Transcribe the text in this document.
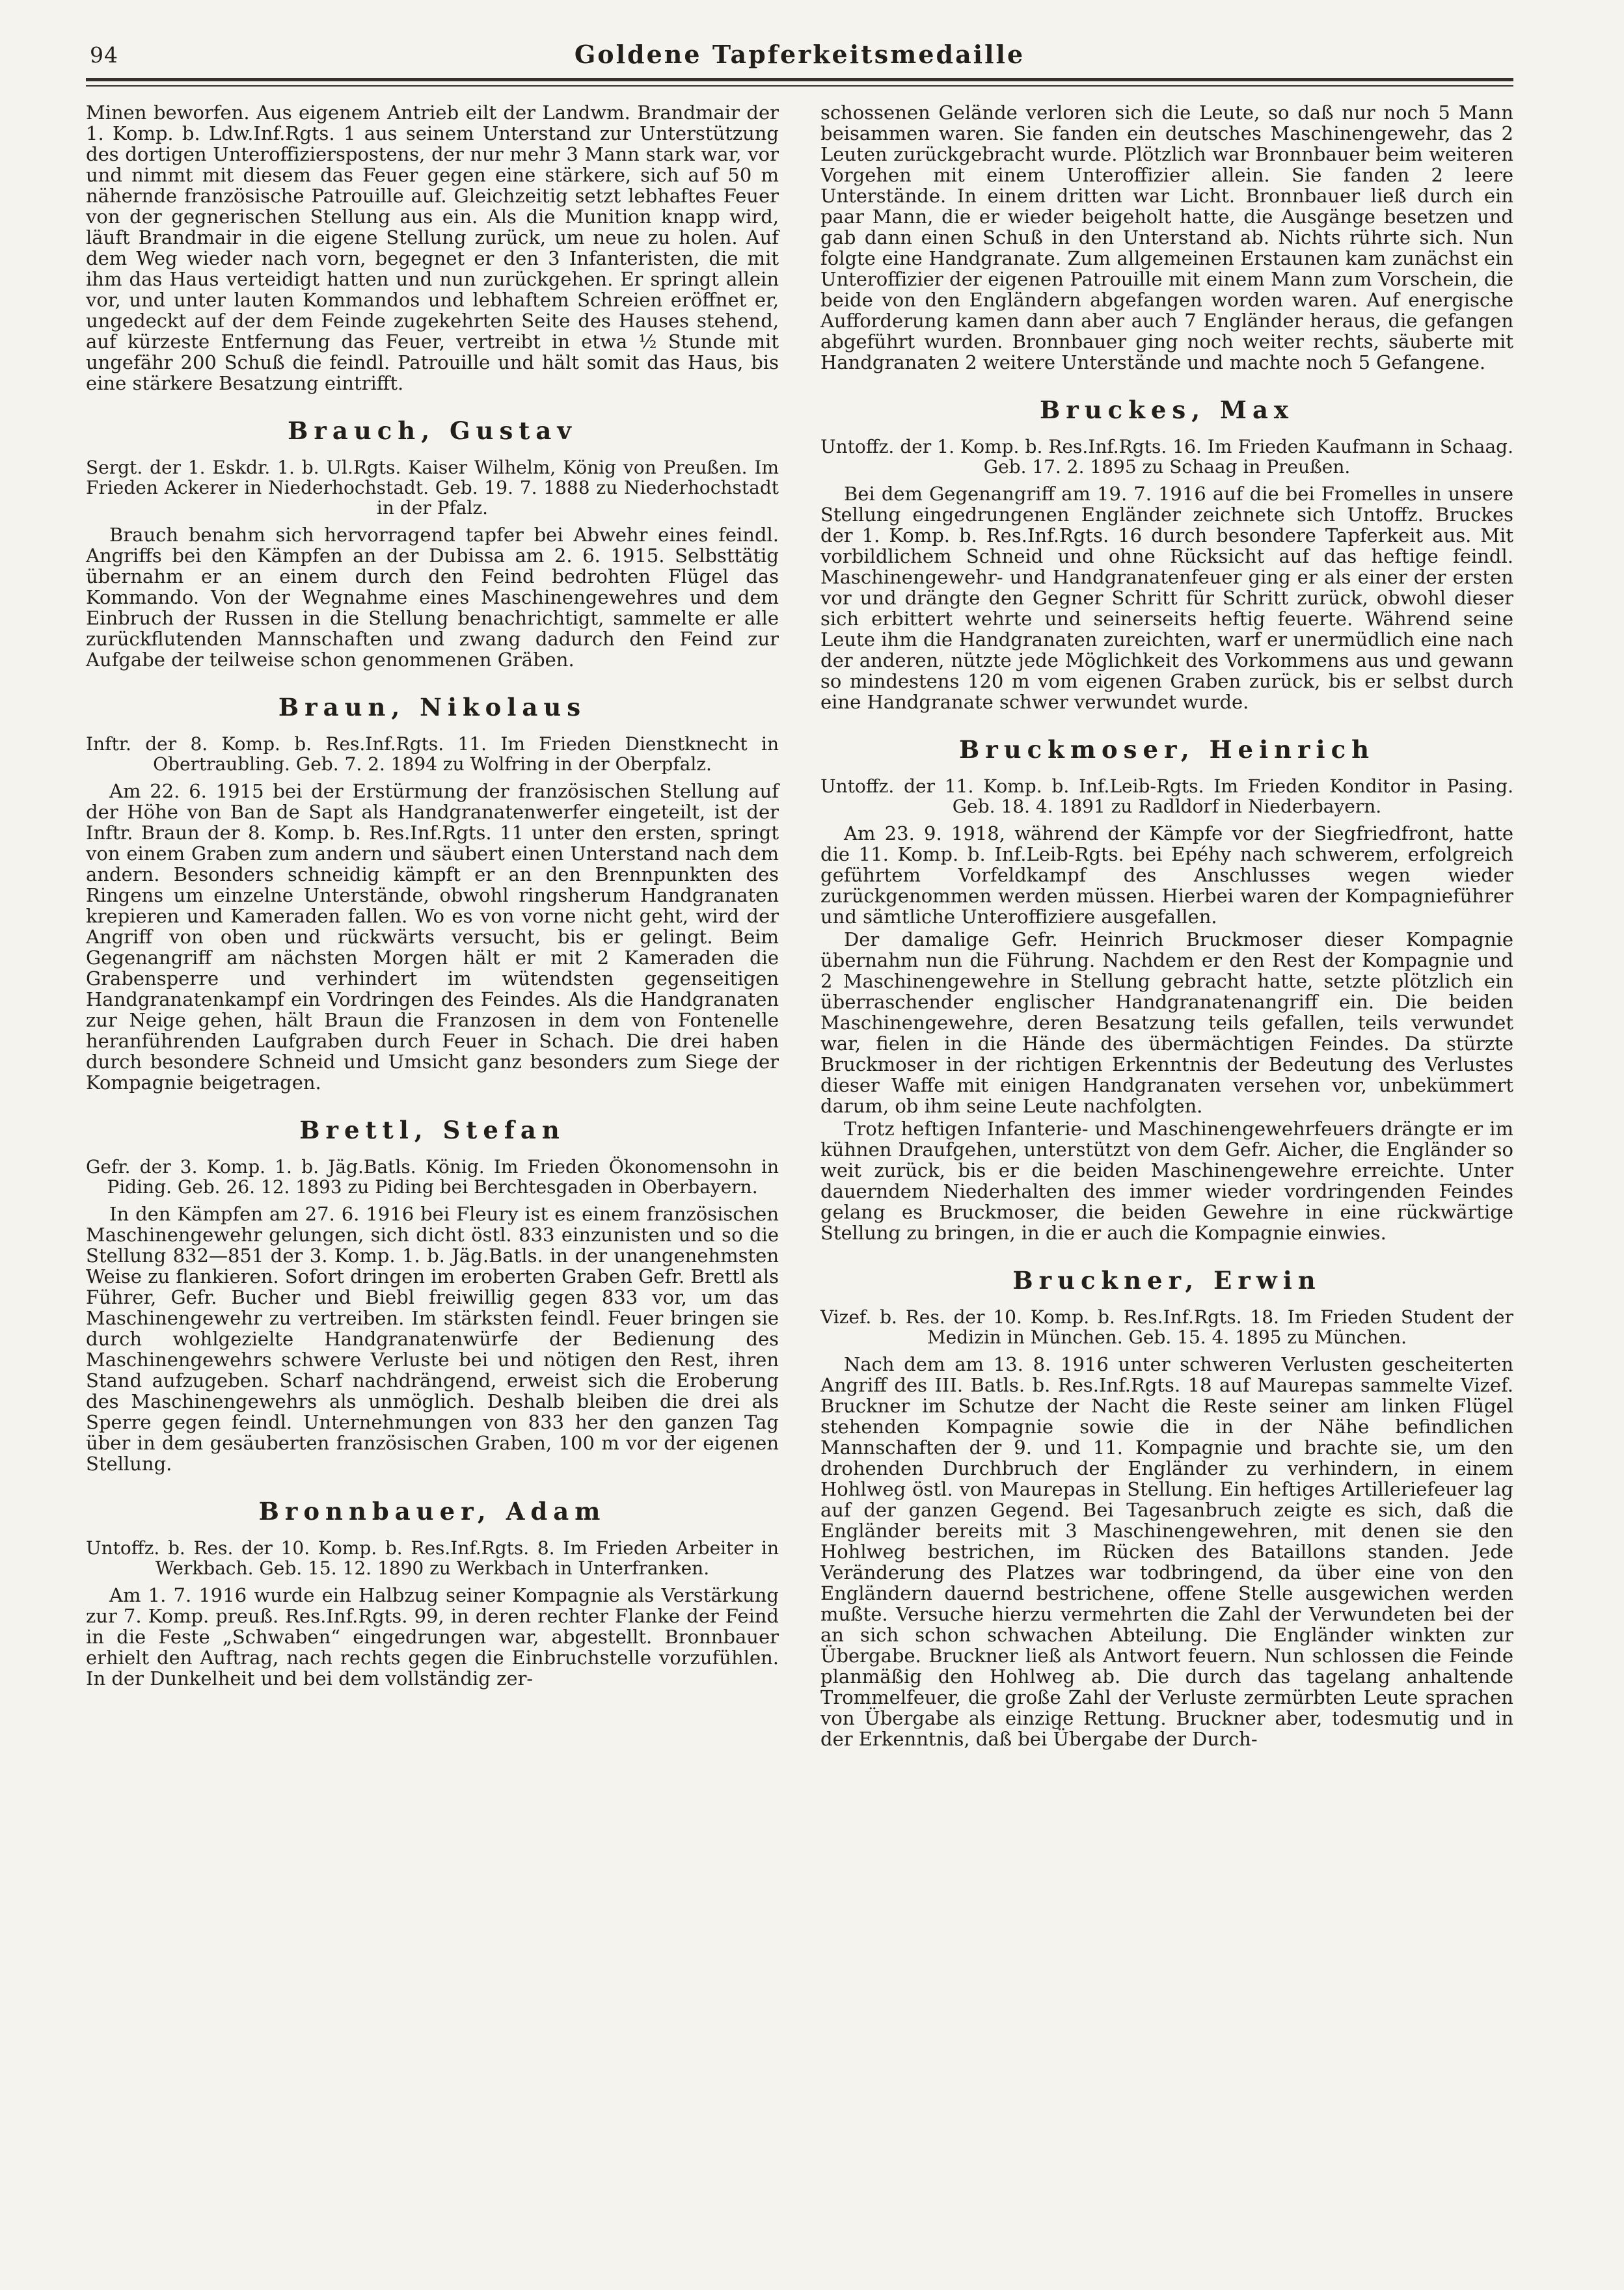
94	Goldene Tapferkeitsmedaille

Minen beworfen. Aus eigenem Antrieb eilt der Landwm. Brandmair der 1. Komp. b. Ldw.Inf.Rgts. 1 aus seinem Unterstand zur Unterstützung des dortigen Unteroffizierspostens, der nur mehr 3 Mann stark war, vor und nimmt mit diesem das Feuer gegen eine stärkere, sich auf 50 m nähernde französische Patrouille auf. Gleichzeitig setzt lebhaftes Feuer von der gegnerischen Stellung aus ein. Als die Munition knapp wird, läuft Brandmair in die eigene Stellung zurück, um neue zu holen. Auf dem Weg wieder nach vorn, begegnet er den 3 Infanteristen, die mit ihm das Haus verteidigt hatten und nun zurückgehen. Er springt allein vor, und unter lauten Kommandos und lebhaftem Schreien eröffnet er, ungedeckt auf der dem Feinde zugekehrten Seite des Hauses stehend, auf kürzeste Entfernung das Feuer, vertreibt in etwa ½ Stunde mit ungefähr 200 Schuß die feindl. Patrouille und hält somit das Haus, bis eine stärkere Besatzung eintrifft.

Brauch, Gustav

Sergt. der 1. Eskdr. 1. b. Ul.Rgts. Kaiser Wilhelm, König von Preußen. Im Frieden Ackerer in Niederhochstadt. Geb. 19. 7. 1888 zu Niederhochstadt in der Pfalz.

Brauch benahm sich hervorragend tapfer bei Abwehr eines feindl. Angriffs bei den Kämpfen an der Dubissa am 2. 6. 1915. Selbsttätig übernahm er an einem durch den Feind bedrohten Flügel das Kommando. Von der Wegnahme eines Maschinengewehres und dem Einbruch der Russen in die Stellung benachrichtigt, sammelte er alle zurückflutenden Mannschaften und zwang dadurch den Feind zur Aufgabe der teilweise schon genommenen Gräben.

Braun, Nikolaus

Inftr. der 8. Komp. b. Res.Inf.Rgts. 11. Im Frieden Dienstknecht in Obertraubling. Geb. 7. 2. 1894 zu Wolfring in der Oberpfalz.

Am 22. 6. 1915 bei der Erstürmung der französischen Stellung auf der Höhe von Ban de Sapt als Handgranatenwerfer eingeteilt, ist der Inftr. Braun der 8. Komp. b. Res.Inf.Rgts. 11 unter den ersten, springt von einem Graben zum andern und säubert einen Unterstand nach dem andern. Besonders schneidig kämpft er an den Brennpunkten des Ringens um einzelne Unterstände, obwohl ringsherum Handgranaten krepieren und Kameraden fallen. Wo es von vorne nicht geht, wird der Angriff von oben und rückwärts versucht, bis er gelingt. Beim Gegenangriff am nächsten Morgen hält er mit 2 Kameraden die Grabensperre und verhindert im wütendsten gegenseitigen Handgranatenkampf ein Vordringen des Feindes. Als die Handgranaten zur Neige gehen, hält Braun die Franzosen in dem von Fontenelle heranführenden Laufgraben durch Feuer in Schach. Die drei haben durch besondere Schneid und Umsicht ganz besonders zum Siege der Kompagnie beigetragen.

Brettl, Stefan

Gefr. der 3. Komp. 1. b. Jäg.Batls. König. Im Frieden Ökonomensohn in Piding. Geb. 26. 12. 1893 zu Piding bei Berchtesgaden in Oberbayern.

In den Kämpfen am 27. 6. 1916 bei Fleury ist es einem französischen Maschinengewehr gelungen, sich dicht östl. 833 einzunisten und so die Stellung 832—851 der 3. Komp. 1. b. Jäg.Batls. in der unangenehmsten Weise zu flankieren. Sofort dringen im eroberten Graben Gefr. Brettl als Führer, Gefr. Bucher und Biebl freiwillig gegen 833 vor, um das Maschinengewehr zu vertreiben. Im stärksten feindl. Feuer bringen sie durch wohlgezielte Handgranatenwürfe der Bedienung des Maschinengewehrs schwere Verluste bei und nötigen den Rest, ihren Stand aufzugeben. Scharf nachdrängend, erweist sich die Eroberung des Maschinengewehrs als unmöglich. Deshalb bleiben die drei als Sperre gegen feindl. Unternehmungen von 833 her den ganzen Tag über in dem gesäuberten französischen Graben, 100 m vor der eigenen Stellung.

Bronnbauer, Adam

Untoffz. b. Res. der 10. Komp. b. Res.Inf.Rgts. 8. Im Frieden Arbeiter in Werkbach. Geb. 15. 12. 1890 zu Werkbach in Unterfranken.

Am 1. 7. 1916 wurde ein Halbzug seiner Kompagnie als Verstärkung zur 7. Komp. preuß. Res.Inf.Rgts. 99, in deren rechter Flanke der Feind in die Feste „Schwaben“ eingedrungen war, abgestellt. Bronnbauer erhielt den Auftrag, nach rechts gegen die Einbruchstelle vorzufühlen. In der Dunkelheit und bei dem vollständig zer-

schossenen Gelände verloren sich die Leute, so daß nur noch 5 Mann beisammen waren. Sie fanden ein deutsches Maschinengewehr, das 2 Leuten zurückgebracht wurde. Plötzlich war Bronnbauer beim weiteren Vorgehen mit einem Unteroffizier allein. Sie fanden 2 leere Unterstände. In einem dritten war Licht. Bronnbauer ließ durch ein paar Mann, die er wieder beigeholt hatte, die Ausgänge besetzen und gab dann einen Schuß in den Unterstand ab. Nichts rührte sich. Nun folgte eine Handgranate. Zum allgemeinen Erstaunen kam zunächst ein Unteroffizier der eigenen Patrouille mit einem Mann zum Vorschein, die beide von den Engländern abgefangen worden waren. Auf energische Aufforderung kamen dann aber auch 7 Engländer heraus, die gefangen abgeführt wurden. Bronnbauer ging noch weiter rechts, säuberte mit Handgranaten 2 weitere Unterstände und machte noch 5 Gefangene.

Bruckes, Max

Untoffz. der 1. Komp. b. Res.Inf.Rgts. 16. Im Frieden Kaufmann in Schaag. Geb. 17. 2. 1895 zu Schaag in Preußen.

Bei dem Gegenangriff am 19. 7. 1916 auf die bei Fromelles in unsere Stellung eingedrungenen Engländer zeichnete sich Untoffz. Bruckes der 1. Komp. b. Res.Inf.Rgts. 16 durch besondere Tapferkeit aus. Mit vorbildlichem Schneid und ohne Rücksicht auf das heftige feindl. Maschinengewehr- und Handgranatenfeuer ging er als einer der ersten vor und drängte den Gegner Schritt für Schritt zurück, obwohl dieser sich erbittert wehrte und seinerseits heftig feuerte. Während seine Leute ihm die Handgranaten zureichten, warf er unermüdlich eine nach der anderen, nützte jede Möglichkeit des Vorkommens aus und gewann so mindestens 120 m vom eigenen Graben zurück, bis er selbst durch eine Handgranate schwer verwundet wurde.

Bruckmoser, Heinrich

Untoffz. der 11. Komp. b. Inf.Leib-Rgts. Im Frieden Konditor in Pasing. Geb. 18. 4. 1891 zu Radldorf in Niederbayern.

Am 23. 9. 1918, während der Kämpfe vor der Siegfriedfront, hatte die 11. Komp. b. Inf.Leib-Rgts. bei Epéhy nach schwerem, erfolgreich geführtem Vorfeldkampf des Anschlusses wegen wieder zurückgenommen werden müssen. Hierbei waren der Kompagnieführer und sämtliche Unteroffiziere ausgefallen.

Der damalige Gefr. Heinrich Bruckmoser dieser Kompagnie übernahm nun die Führung. Nachdem er den Rest der Kompagnie und 2 Maschinengewehre in Stellung gebracht hatte, setzte plötzlich ein überraschender englischer Handgranatenangriff ein. Die beiden Maschinengewehre, deren Besatzung teils gefallen, teils verwundet war, fielen in die Hände des übermächtigen Feindes. Da stürzte Bruckmoser in der richtigen Erkenntnis der Bedeutung des Verlustes dieser Waffe mit einigen Handgranaten versehen vor, unbekümmert darum, ob ihm seine Leute nachfolgten.

Trotz heftigen Infanterie- und Maschinengewehrfeuers drängte er im kühnen Draufgehen, unterstützt von dem Gefr. Aicher, die Engländer so weit zurück, bis er die beiden Maschinengewehre erreichte. Unter dauerndem Niederhalten des immer wieder vordringenden Feindes gelang es Bruckmoser, die beiden Gewehre in eine rückwärtige Stellung zu bringen, in die er auch die Kompagnie einwies.

Bruckner, Erwin

Vizef. b. Res. der 10. Komp. b. Res.Inf.Rgts. 18. Im Frieden Student der Medizin in München. Geb. 15. 4. 1895 zu München.

Nach dem am 13. 8. 1916 unter schweren Verlusten gescheiterten Angriff des III. Batls. b. Res.Inf.Rgts. 18 auf Maurepas sammelte Vizef. Bruckner im Schutze der Nacht die Reste seiner am linken Flügel stehenden Kompagnie sowie die in der Nähe befindlichen Mannschaften der 9. und 11. Kompagnie und brachte sie, um den drohenden Durchbruch der Engländer zu verhindern, in einem Hohlweg östl. von Maurepas in Stellung. Ein heftiges Artilleriefeuer lag auf der ganzen Gegend. Bei Tagesanbruch zeigte es sich, daß die Engländer bereits mit 3 Maschinengewehren, mit denen sie den Hohlweg bestrichen, im Rücken des Bataillons standen. Jede Veränderung des Platzes war todbringend, da über eine von den Engländern dauernd bestrichene, offene Stelle ausgewichen werden mußte. Versuche hierzu vermehrten die Zahl der Verwundeten bei der an sich schon schwachen Abteilung. Die Engländer winkten zur Übergabe. Bruckner ließ als Antwort feuern. Nun schlossen die Feinde planmäßig den Hohlweg ab. Die durch das tagelang anhaltende Trommelfeuer, die große Zahl der Verluste zermürbten Leute sprachen von Übergabe als einzige Rettung. Bruckner aber, todesmutig und in der Erkenntnis, daß bei Übergabe der Durch-
